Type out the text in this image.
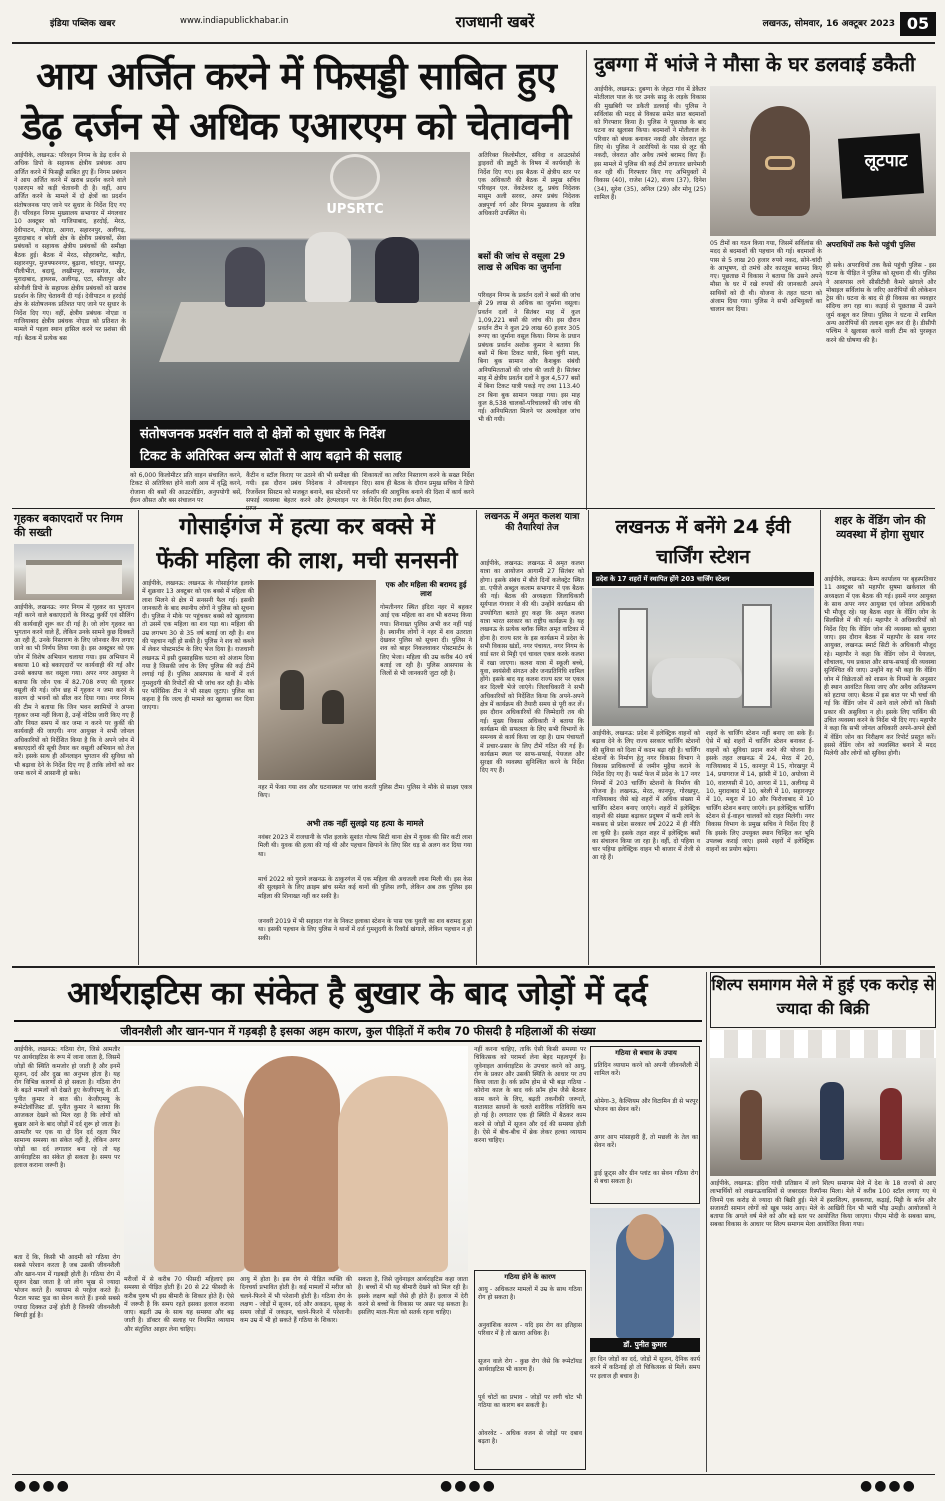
इंडिया पब्लिक खबर	www.indiapublickhabar.in	राजधानी खबरें	लखनऊ, सोमवार, 16 अक्टूबर 2023 05
आय अर्जित करने में फिसड्डी साबित हुए
डेढ़ दर्जन से अधिक एआरएम को चेतावनी
आईपीके, लखनऊ: परिवहन निगम के डेढ़ दर्जन से अधिक डिपो के सहायक क्षेत्रीय प्रबंधक आय अर्जित करने में फिसड्डी साबित हुए हैं। निगम प्रबंधन ने आय अर्जित करने में खराब प्रदर्शन करने वाले एआरएम को कड़ी चेतावनी दी है। वहीं, आय अर्जित करने के मामले में दो क्षेत्रों का प्रदर्शन संतोषजनक पाए जाने पर सुधार के निर्देश दिए गए हैं। परिवहन निगम मुख्यालय सभागार में मंगलवार 10 अक्टूबर को गाजियाबाद, हरदोई, मेरठ, देवीपाटन, नोएडा, आगरा, सहारनपुर, अलीगढ़, मुरादाबाद व बरेली क्षेत्र के क्षेत्रीय प्रबंधकों, सेवा प्रबंधकों व सहायक क्षेत्रीय प्रबंधकों की समीक्षा बैठक हुई। बैठक में मेरठ, सोहराबगेट, बड़ौत, सहारनपुर, मुजफ्फरनगर, बुढ़ाना, चांदपुर, धामपुर, पीलीभीत, बदायूं, लखीमपुर, कासगंज, खैर, मुरादाबाद, हाथरस, अलीगढ़, एटा, सीतापुर और सोनौली डिपो के सहायक क्षेत्रीय प्रबंधकों को खराब प्रदर्शन के लिए चेतावनी दी गई। देवीपाटन व हरदोई क्षेत्र के संतोषजनक प्रतिशत पाए जाने पर सुधार के निर्देश दिए गए। वहीं, क्षेत्रीय प्रबंधक नोएडा व गाजियाबाद क्षेत्रीय प्रबंधक नोएडा को प्रतिशत के मामले में पहला स्थान हासिल करने पर प्रशंसा की गई। बैठक में प्रत्येक बस
UPSRTC
संतोषजनक प्रदर्शन वाले दो क्षेत्रों को सुधार के निर्देश
टिकट के अतिरिक्त अन्य स्रोतों से आय बढ़ाने की सलाह
को 6,000 किलोमीटर प्रति वाहन संचालित करने, टिकट से अतिरिक्त होने वाली आय में वृद्धि करने, रोजाना की बसों की आउटशेडिंग, अनुपयोगी बसें, ईंधन औसत और बस संचालन पर
कैंटीन व स्टॉल किराए पर उठाने की भी समीक्षा की गयी। इस दौरान प्रबंध निदेशक ने ऑनलाइन रिजर्वेशन सिस्टम को मजबूत बनाने, बस स्टेशनों पर सफाई व्यवस्था बेहतर करने और हेल्पलाइन पर
शिकायतों का त्वरित निस्तारण करने के सख्त निर्देश दिए। साथ ही बैठक के दौरान प्रमुख सचिव ने डिपो वर्कशॉप की आधुनिक बनाने की दिशा में कार्य करने के निर्देश दिए तथा ईंधन औसत,
अतिरिक्त किलोमीटर, संविदा व आउटसोर्स ड्राइवरों की ड्यूटी के विषय में कार्यवाही के निर्देश दिए गए। इस बैठक में क्षेत्रीय स्तर पर एक अधिकारी की बैठक में प्रमुख सचिव परिवहन एल. वेंकटेश्वर लू, प्रबंध निदेशक मासूम अली सरवर, अपर प्रबंध निदेशक अन्नपूर्णा गर्ग और निगम मुख्यालय के वरिष्ठ अधिकारी उपस्थित थे।
बसों की जांच से वसूला 29 लाख से अधिक का जुर्माना
परिवहन निगम के प्रवर्तन दलों ने बसों की जांच से 29 लाख से अधिक का जुर्माना वसूला। प्रवर्तन दलों ने सितंबर माह में कुल 1,09,221 बसों की जांच की। इस दौरान प्रवर्तन टीम ने कुल 29 लाख 60 हजार 305 रूपए का जुर्माना वसूल किया। निगम के प्रधान प्रबंधक प्रवर्तन अशोक कुमार ने बताया कि बसों में बिना टिकट यात्री, बिना चुंगी माल, बिना बुक सामान और कैशबुक संबंधी अनियमितताओं की जांच की जाती है। सितंबर माह में क्षेत्रीय प्रवर्तन दलों ने कुल 4,577 बसों में बिना टिकट यात्री पकड़े गए तथा 113.40 टन बिना बुक सामान पकड़ा गया। इस माह कुल 8,538 चालकों-परिचालकों की जांच की गई। अनियमितता मिलने पर अल्कोहल जांच भी की गयी।
दुबग्गा में भांजे ने मौसा के घर डलवाई डकैती
आईपीके, लखनऊ: दुबग्गा के जेहटा गांव में डेकैतर मोतीलाल पाल के घर उनके साढ़ू के लड़के विकास की मुखबिरी पर डकैती डलवाई थी। पुलिस ने सर्विलांस की मदद से विकास समेत सात बदमाशों को गिरफ्तार किया है। पुलिस ने पूछताछ के बाद घटना का खुलासा किया। बदमाशों ने मोतीलाल के परिवार को बंधक बनाकर नकदी और जेवरात लूट लिए थे। पुलिस ने आरोपियों के पास से लूट की नकदी, जेवरात और अवैध तमंचे बरामद किए हैं। इस मामले में पुलिस की कई टीमें लगातार छापेमारी कर रही थीं। गिरफ्तार किए गए अभियुक्तों में विकास (40), राजेश (42), संजय (37), दिनेश (34), सुरेश (35), अनिल (29) और मोनू (25) शामिल हैं।
लूटपाट
05 टीमों का गठन किया गया, जिसमें सर्विलांस की मदद से बदमाशों की पहचान की गई। बदमाशों के पास से 5 लाख 20 हजार रुपये नकद, सोने-चांदी के आभूषण, दो तमंचे और कारतूस बरामद किए गए। पूछताछ में विकास ने बताया कि उसने अपने मौसा के घर में रखे रुपयों की जानकारी अपने साथियों को दी थी। योजना के तहत घटना को अंजाम दिया गया। पुलिस ने सभी अभियुक्तों का चालान कर दिया।
अपराधियों तक कैसे पहुंची पुलिस
हो सके। अपराधियों तक कैसे पहुंची पुलिस - इस घटना के पीड़ित ने पुलिस को सूचना दी थी। पुलिस ने आसपास लगे सीसीटीवी कैमरे खंगाले और मोबाइल सर्विलांस के जरिए आरोपियों की लोकेशन ट्रेस की। घटना के बाद से ही विकास का व्यवहार संदिग्ध लग रहा था। कड़ाई से पूछताछ में उसने जुर्म कबूल कर लिया। पुलिस ने घटना में शामिल अन्य आरोपियों की तलाश शुरू कर दी है। डीसीपी पश्चिम ने खुलासा करने वाली टीम को पुरस्कृत करने की घोषणा की है।
गृहकर बकाएदारों पर निगम की सख्ती
आईपीके, लखनऊ: नगर निगम में गृहकर का भुगतान नहीं करने वाले बकाएदारों के विरुद्ध कुर्की एवं सीलिंग की कार्यवाही शुरू कर दी गई है। जो लोग गृहकर का भुगतान करने वाले हैं, लेकिन उनके सामने कुछ दिक्कतें आ रही हैं, उनके निस्तारण के लिए जोनवार कैंप लगाए जाने का भी निर्णय लिया गया है। इस अक्टूबर को एक जोन में विशेष अभियान चलाया गया। इस अभियान में बकाया 10 बड़े बकाएदारों पर कार्यवाही की गई और उनसे बकाया कर वसूला गया। अपर नगर आयुक्त ने बताया कि जोन एक में 82.708 रुपए की गृहकर वसूली की गई। जोन छह में गृहकर न जमा करने के कारण दो भवनों को सील कर दिया गया। नगर निगम की टीम ने बताया कि जिन भवन स्वामियों ने अपना गृहकर जमा नहीं किया है, उन्हें नोटिस जारी किए गए हैं और नियत समय में कर जमा न करने पर कुर्की की कार्यवाही की जाएगी। नगर आयुक्त ने सभी जोनल अधिकारियों को निर्देशित किया है कि वे अपने जोन में बकाएदारों की सूची तैयार कर वसूली अभियान को तेज करें। इसके साथ ही ऑनलाइन भुगतान की सुविधा को भी बढ़ावा देने के निर्देश दिए गए हैं ताकि लोगों को कर जमा करने में आसानी हो सके।
गोसाईगंज में हत्या कर बक्से में
फेंकी महिला की लाश, मची सनसनी
आईपीके, लखनऊ: लखनऊ के गोसाईगंज इलाके में शुक्रवार 13 अक्टूबर को एक बक्से में महिला की लाश मिलने से क्षेत्र में सनसनी फैल गई। इसकी जानकारी के बाद स्थानीय लोगों ने पुलिस को सूचना दी। पुलिस ने मौके पर पहुंचकर बक्से को खुलवाया तो उसमें एक महिला का शव पड़ा था। महिला की उम्र लगभग 30 से 35 वर्ष बताई जा रही है। शव की पहचान नहीं हो सकी है। पुलिस ने शव को कब्जे में लेकर पोस्टमार्टम के लिए भेज दिया है। राजधानी लखनऊ में इसी दुस्साहसिक घटना को अंजाम दिया गया है जिसकी जांच के लिए पुलिस की कई टीमें लगाई गई हैं। पुलिस आसपास के थानों में दर्ज गुमशुदगी की रिपोर्टों की भी जांच कर रही है। मौके पर फॉरेंसिक टीम ने भी साक्ष्य जुटाए। पुलिस का कहना है कि जल्द ही मामले का खुलासा कर दिया जाएगा।
एक और महिला की बरामद हुई लाश
गोमतीनगर स्थित इंदिरा नहर में बहकर आई एक महिला का शव भी बरामद किया गया। शिनाख्त पुलिस अभी कर नहीं पाई है। स्थानीय लोगों ने नहर में शव उतराता देखकर पुलिस को सूचना दी। पुलिस ने शव को बाहर निकलवाकर पोस्टमार्टम के लिए भेजा। महिला की उम्र करीब 40 वर्ष बताई जा रही है। पुलिस आसपास के जिलों से भी जानकारी जुटा रही है।
नहर में फेंका गया शव और घटनास्थल पर जांच करती पुलिस टीम। पुलिस ने मौके से साक्ष्य एकत्र किए।
अभी तक नहीं सुलझे यह हत्या के मामले
नवंबर 2023 में राजधानी के पॉश इलाके सुशांत गोल्फ सिटी थाना क्षेत्र में युवक की सिर कटी लाश मिली थी। युवक की हत्या की गई थी और पहचान छिपाने के लिए सिर धड़ से अलग कर दिया गया था।
मार्च 2022 को पुराने लखनऊ के ठाकुरगंज में एक महिला की अधजली लाश मिली थी। इस केस की सुलझाने के लिए क्राइम ब्रांच समेत कई थानों की पुलिस लगी, लेकिन अब तक पुलिस इस महिला की शिनाख्त नहीं कर सकी है।
जनवरी 2019 में भी सहादत गंज के निकट इलाका स्टेशन के पास एक युवती का शव बरामद हुआ था। इसकी पहचान के लिए पुलिस ने थानों में दर्ज गुमशुदगी के रिकॉर्ड खंगाले, लेकिन पहचान न हो सकी।
लखनऊ में अमृत कलश यात्रा की तैयारियां तेज
आईपीके, लखनऊ: लखनऊ में अमृत कलश यात्रा का आयोजन आगामी 27 सितंबर को होगा। इसके संबंध में बीते दिनों कलेक्ट्रेट स्थित डा. एपीजे अब्दुल कलाम सभागार में एक बैठक की गई। बैठक की अध्यक्षता जिलाधिकारी सूर्यपाल गंगवार ने की थी। उन्होंने कार्यक्रम की उपयोगिता बताते हुए कहा कि अमृत कलश यात्रा भारत सरकार का राष्ट्रीय कार्यक्रम है। यह लखनऊ के प्रत्येक ब्लॉक स्थित अमृत वाटिका में होना है। राज्य स्तर के इस कार्यक्रम में प्रदेश के सभी विकास खंडों, नगर पंचायत, नगर निगम के वार्ड स्तर से मिट्टी एवं चावल एकत्र करके कलश में रखा जाएगा। कलश यात्रा में स्कूली बच्चे, युवा, स्वयंसेवी संगठन और जनप्रतिनिधि शामिल होंगे। इसके बाद यह कलश राज्य स्तर पर एकत्र कर दिल्ली भेजे जाएंगे। जिलाधिकारी ने सभी अधिकारियों को निर्देशित किया कि अपने-अपने क्षेत्र में कार्यक्रम की तैयारी समय से पूरी कर लें। इस दौरान अधिकारियों की जिम्मेदारी तय की गई। मुख्य विकास अधिकारी ने बताया कि कार्यक्रम की सफलता के लिए सभी विभागों के समन्वय से कार्य किया जा रहा है। ग्राम पंचायतों में प्रचार-प्रसार के लिए टीमें गठित की गई हैं। कार्यक्रम स्थल पर साफ-सफाई, पेयजल और सुरक्षा की व्यवस्था सुनिश्चित करने के निर्देश दिए गए हैं।
लखनऊ में बनेंगे 24 ईवी
चार्जिंग स्टेशन
प्रदेश के 17 शहरों में स्थापित होंगे 203 चार्जिंग स्टेशन
आईपीके, लखनऊ: प्रदेश में इलेक्ट्रिक वाहनों को बढ़ावा देने के लिए राज्य सरकार चार्जिंग स्टेशनों की सुविधा को दिशा में कदम बढ़ा रही है। चार्जिंग स्टेशनों के निर्माण हेतु नगर विकास विभाग ने विकास प्राधिकरणों से जमीन मुहैया कराने के निर्देश दिए गए हैं। फर्स्ट फेज में प्रदेश के 17 नगर निगमों में 203 चार्जिंग स्टेशनों के निर्माण की योजना है। लखनऊ, मेरठ, कानपुर, गोरखपुर, गाजियाबाद जैसे बड़े शहरों में अधिक संख्या में चार्जिंग स्टेशन बनाए जाएंगे। शहरों में इलेक्ट्रिक वाहनों की संख्या बढ़ाकर प्रदूषण में कमी लाने के मकसद से प्रदेश सरकार वर्ष 2022 में ही नीति ला चुकी है। इसके तहत शहर में इलेक्ट्रिक बसों का संचालन किया जा रहा है। वहीं, दो पहिया व चार पहिया इलेक्ट्रिक वाहन भी बाजार में तेजी से आ रहे हैं।
शहरों के चार्जिंग स्टेशन नहीं बनाए जा सके हैं। ऐसे में बड़े शहरों में चार्जिंग स्टेशन बनाकर ई-वाहनों को सुविधा प्रदान करने की योजना है। इसके तहत लखनऊ में 24, मेरठ में 20, गाजियाबाद में 15, कानपुर में 15, गोरखपुर में 14, प्रयागराज में 14, झांसी में 10, अयोध्या में 10, वाराणसी में 10, आगरा में 11, अलीगढ़ में 10, मुरादाबाद में 10, बरेली में 10, सहारनपुर में 10, मथुरा में 10 और फिरोजाबाद में 10 चार्जिंग स्टेशन बनाए जाएंगे। इन इलेक्ट्रिक चार्जिंग स्टेशन से ई-वाहन चालकों को राहत मिलेगी। नगर विकास विभाग के प्रमुख सचिव ने निर्देश दिए हैं कि इसके लिए उपयुक्त स्थान चिन्हित कर भूमि उपलब्ध कराई जाए। इससे शहरों में इलेक्ट्रिक वाहनों का प्रयोग बढ़ेगा।
शहर के वेंडिंग जोन की व्यवस्था में होगा सुधार
आईपीके, लखनऊ: कैम्प कार्यालय पर बृहस्पतिवार 11 अक्टूबर को महापौर सुषमा खर्कवाल की अध्यक्षता में एक बैठक की गई। इसमें नगर आयुक्त के साथ अपर नगर आयुक्त एवं जोनल अधिकारी भी मौजूद रहे। यह बैठक शहर के वेंडिंग जोन के सिलसिले में की गई। महापौर ने अधिकारियों को निर्देश दिए कि वेंडिंग जोन की व्यवस्था को सुधारा जाए। इस दौरान बैठक में महापौर के साथ नगर आयुक्त, लखनऊ स्मार्ट सिटी के अधिकारी मौजूद रहे। महापौर ने कहा कि वेंडिंग जोन में पेयजल, शौचालय, पथ प्रकाश और साफ-सफाई की व्यवस्था सुनिश्चित की जाए। उन्होंने यह भी कहा कि वेंडिंग जोन में विक्रेताओं को शासन के नियमों के अनुसार ही स्थान आवंटित किया जाए और अवैध अतिक्रमण को हटाया जाए। बैठक में इस बात पर भी चर्चा की गई कि वेंडिंग जोन में आने वाले लोगों को किसी प्रकार की असुविधा न हो। इसके लिए पार्किंग की उचित व्यवस्था करने के निर्देश भी दिए गए। महापौर ने कहा कि सभी जोनल अधिकारी अपने-अपने क्षेत्रों में वेंडिंग जोन का निरीक्षण कर रिपोर्ट प्रस्तुत करें। इससे वेंडिंग जोन को व्यवस्थित बनाने में मदद मिलेगी और लोगों को सुविधा होगी।
आर्थराइटिस का संकेत है बुखार के बाद जोड़ों में दर्द
जीवनशैली और खान-पान में गड़बड़ी है इसका अहम कारण, कुल पीड़ितों में करीब 70 फीसदी है महिलाओं की संख्या
आईपीके, लखनऊ: गठिया रोग, जिसे आमतौर पर आर्थराइटिस के रूप में जाना जाता है, जिसमें जोड़ों की स्थिति कमजोर हो जाती है और इनमें सूजन, दर्द और दुख का अनुभव होता है। यह रोग विभिन्न कारणों से हो सकता है। गठिया रोग के बढ़ते मामलों को देखते हुए केजीएमयू के डॉ. पुनीत कुमार ने बात की। केजीएमयू के रूमेटोलॉजिस्ट डॉ. पुनीत कुमार ने बताया कि आजकल देखने को मिल रहा है कि लोगों को बुखार आने के बाद जोड़ों में दर्द शुरू हो जाता है। आमतौर पर एक या दो दिन दर्द रहता फिर सामान्य समस्या का संकेत नहीं है, लेकिन अगर जोड़ों का दर्द लगातार बना रहे तो यह आर्थराइटिस का संकेत हो सकता है। समय पर इलाज कराना जरूरी है।
बता दें कि, किसी भी आदमी को गठिया रोग सबसे परेशान करता है जब उसकी जीवनशैली और खान-पान में गड़बड़ी होती है। गठिया रोग में सूजन देखा जाता है जो लोग भूख से ज्यादा भोजन करते हैं। व्यायाम से परहेज करते हैं। फैटल फास्ट फूड का सेवन करते हैं। इनसे सबसे ज्यादा दिक्कत उन्हें होती है जिनकी जीवनशैली बिगड़ी हुई है।
मरीजों में से करीब 70 फीसदी महिलाएं इस समस्या से पीड़ित होती हैं। 20 से 22 फीसदी के करीब पुरुष भी इस बीमारी के शिकार होते हैं। ऐसे में जरूरी है कि समय रहते इसका इलाज कराया जाए। बढ़ती उम्र के साथ यह समस्या और बढ़ जाती है। डॉक्टर की सलाह पर नियमित व्यायाम और संतुलित आहार लेना चाहिए।
आयु में होता है। इस रोग से पीड़ित व्यक्ति की दिनचर्या प्रभावित होती है। कई मामलों में मरीज को चलने-फिरने में भी परेशानी होती है। गठिया रोग के लक्षण - जोड़ों में सूजन, दर्द और अकड़न, सुबह के समय जोड़ों में जकड़न, चलने-फिरने में परेशानी। कम उम्र में भी हो सकते हैं गठिया के शिकार।
सकता है, जिसे जुवेनाइल आर्थराइटिस कहा जाता है। बच्चों में भी यह बीमारी देखने को मिल रही है। इसके लक्षण बड़ों जैसे ही होते हैं। इलाज में देरी करने से बच्चों के विकास पर असर पड़ सकता है। इसलिए माता-पिता को सतर्क रहना चाहिए।
नहीं करना चाहिए, ताकि ऐसी किसी समस्या पर चिकित्सक को परामर्श लेना बेहद महत्वपूर्ण है। जुवेनाइल आर्थराइटिस के उपचार करने को आयु, रोग के प्रकार और उसकी स्थिति के आधार पर तय किया जाता है। वर्क फ्रॉम होम से भी बढ़ा गठिया - कोरोना काल के बाद वर्क फ्रॉम होम जैसे बैठकर काम करने के लिए, बढ़ती तकनीकी जरूरतें, यातायात साधनों के चलते शारीरिक गतिविधि कम हो गई है। लगातार एक ही स्थिति में बैठकर काम करने से जोड़ों में सूजन और दर्द की समस्या होती है। ऐसे में बीच-बीच में ब्रेक लेकर हल्का व्यायाम करना चाहिए।
गठिया से बचाव के उपाय
प्रतिदिन व्यायाम करने को अपनी जीवनशैली में शामिल करें।
ओमेगा-3, कैल्शियम और विटामिन डी से भरपूर भोजन का सेवन करें।
अगर आप मांसाहारी हैं, तो मछली के तेल का सेवन करें।
ड्राई फ्रूट्स और ग्रीन प्लांट का सेवन गठिया रोग से बचा सकता है।
गठिया होने के कारण
आयु - अधिकतर मामलों में उम्र के साथ गठिया रोग हो सकता है।
अनुवांशिक कारण - यदि इस रोग का इतिहास परिवार में है तो खतरा अधिक है।
सूजन वाले रोग - कुछ रोग जैसे कि रूमेटॉयड आर्थराइटिस भी कारण हैं।
पूर्व चोटों का प्रभाव - जोड़ों पर लगी चोट भी गठिया का कारण बन सकती है।
ओवरवेट - अधिक वजन से जोड़ों पर दबाव बढ़ता है।
डॉ. पुनीत कुमार
हर दिन जोड़ों का दर्द, जोड़ों में सूजन, दैनिक कार्य करने में कठिनाई हो तो चिकित्सक से मिलें। समय पर इलाज ही बचाव है।
शिल्प समागम मेले में हुई एक करोड़ से ज्यादा की बिक्री
आईपीके, लखनऊ: इंदिरा गांधी प्रतिष्ठान में लगे शिल्प समागम मेले में देश के 18 राज्यों से आए लाभार्थियों को लखनऊवासियों से जबरदस्त रिस्पॉन्स मिला। मेले में करीब 100 स्टॉल लगाए गए थे जिनमें एक करोड़ से ज्यादा की बिक्री हुई। मेले में हस्तशिल्प, हथकरघा, कढ़ाई, मिट्टी के बर्तन और सजावटी सामान लोगों को खूब पसंद आए। मेले के आखिरी दिन भी भारी भीड़ उमड़ी। आयोजकों ने बताया कि अगले वर्ष मेले को और बड़े स्तर पर आयोजित किया जाएगा। पीएम मोदी के सबका साथ, सबका विकास के आधार पर शिल्प समागम मेला आयोजित किया गया।
●●●●	●●●●	●●●●
